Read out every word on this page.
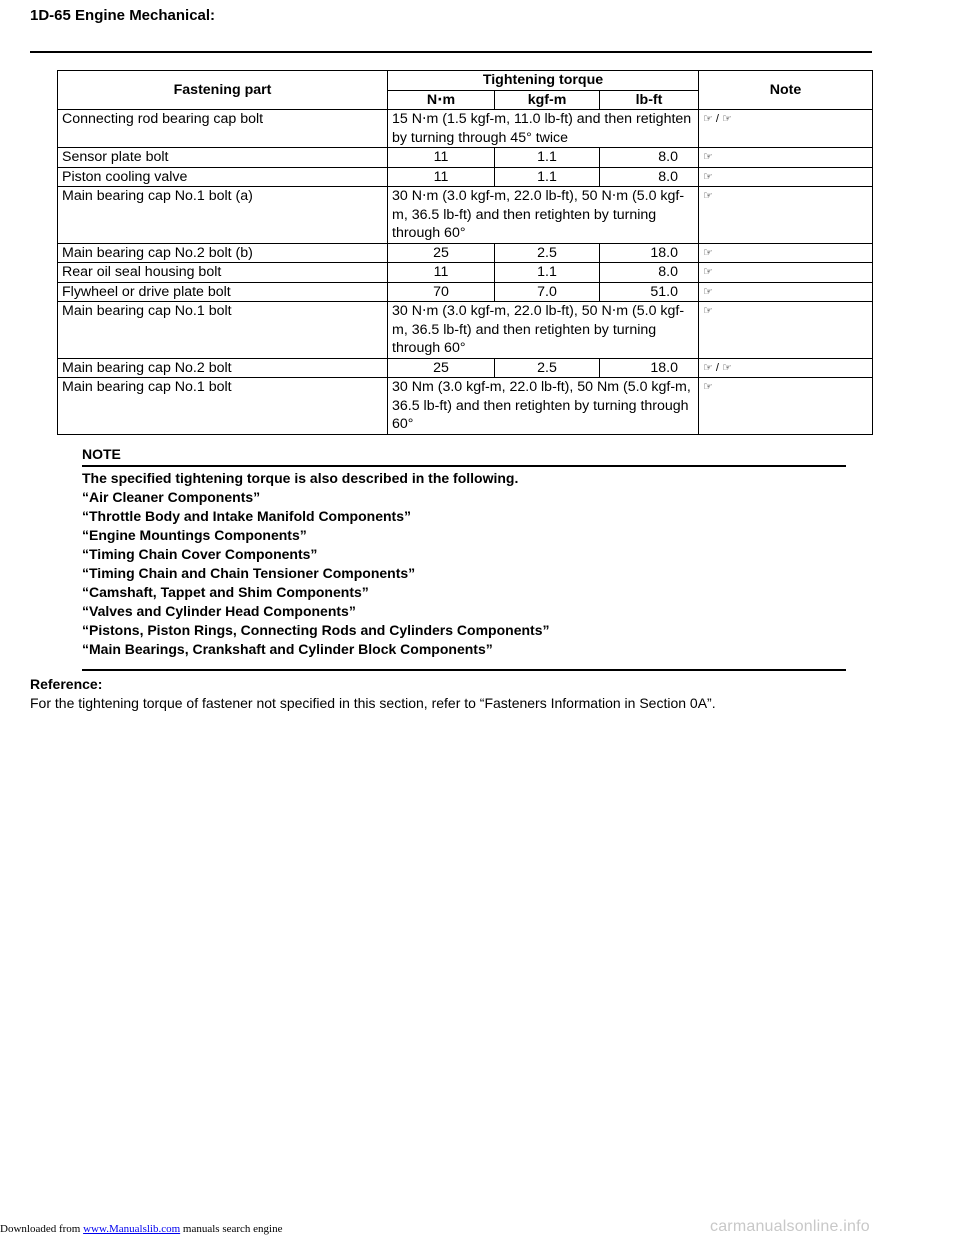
1D-65 Engine Mechanical:
Fastening part	Tightening torque			Note
	N⋅m	kgf-m	lb-ft	
Connecting rod bearing cap bolt	15 N⋅m (1.5 kgf-m, 11.0 lb-ft) and then retighten by turning through 45° twice			☞ / ☞
Sensor plate bolt	11	1.1	8.0	☞
Piston cooling valve	11	1.1	8.0	☞
Main bearing cap No.1 bolt (a)	30 N⋅m (3.0 kgf-m, 22.0 lb-ft), 50 N⋅m (5.0 kgf-m, 36.5 lb-ft) and then retighten by turning through 60°			☞
Main bearing cap No.2 bolt (b)	25	2.5	18.0	☞
Rear oil seal housing bolt	11	1.1	8.0	☞
Flywheel or drive plate bolt	70	7.0	51.0	☞
Main bearing cap No.1 bolt	30 N⋅m (3.0 kgf-m, 22.0 lb-ft), 50 N⋅m (5.0 kgf-m, 36.5 lb-ft) and then retighten by turning through 60°			☞
Main bearing cap No.2 bolt	25	2.5	18.0	☞ / ☞
Main bearing cap No.1 bolt	30 Nm (3.0 kgf-m, 22.0 lb-ft), 50 Nm (5.0 kgf-m, 36.5 lb-ft) and then retighten by turning through 60°			☞
NOTE
The specified tightening torque is also described in the following.
“Air Cleaner Components”
“Throttle Body and Intake Manifold Components”
“Engine Mountings Components”
“Timing Chain Cover Components”
“Timing Chain and Chain Tensioner Components”
“Camshaft, Tappet and Shim Components”
“Valves and Cylinder Head Components”
“Pistons, Piston Rings, Connecting Rods and Cylinders Components”
“Main Bearings, Crankshaft and Cylinder Block Components”
Reference:
For the tightening torque of fastener not specified in this section, refer to “Fasteners Information in Section 0A”.
Downloaded from www.Manualslib.com manuals search engine	carmanualsonline.info
